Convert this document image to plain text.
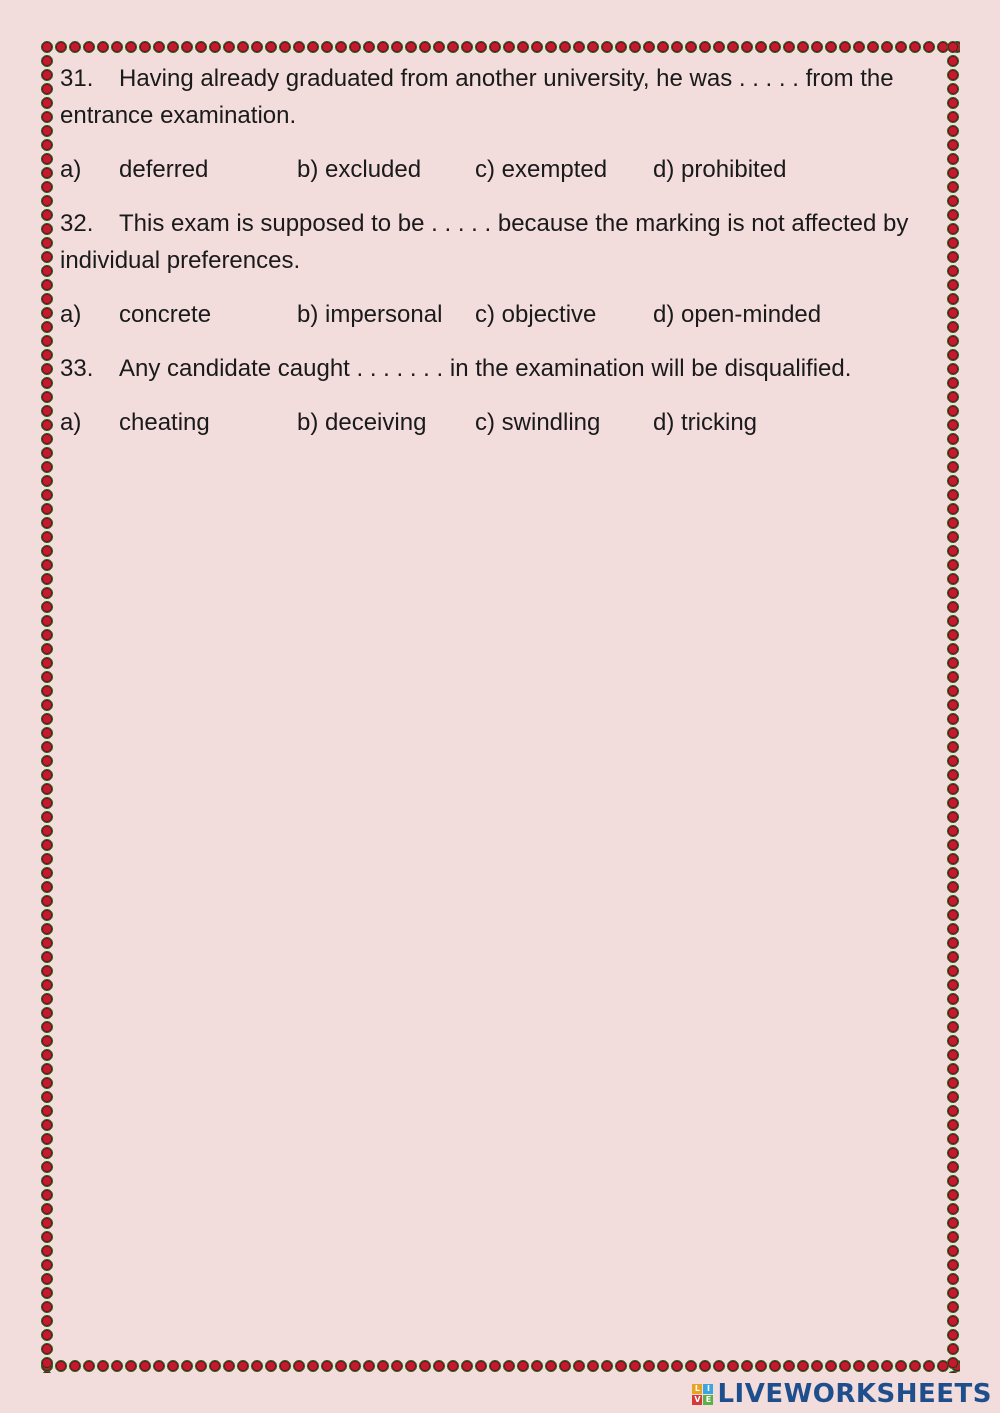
31. Having already graduated from another university, he was . . . . . from the
entrance examination.
a)	deferred	b) excluded	c) exempted	d) prohibited
32. This exam is supposed to be . . . . . because the marking is not affected by
individual preferences.
a)	concrete	b) impersonal	c) objective	d) open-minded
33. Any candidate caught . . . . . . . in the examination will be disqualified.
a)	cheating	b) deceiving	c) swindling	d) tricking
L I
V E LIVEWORKSHEETS
